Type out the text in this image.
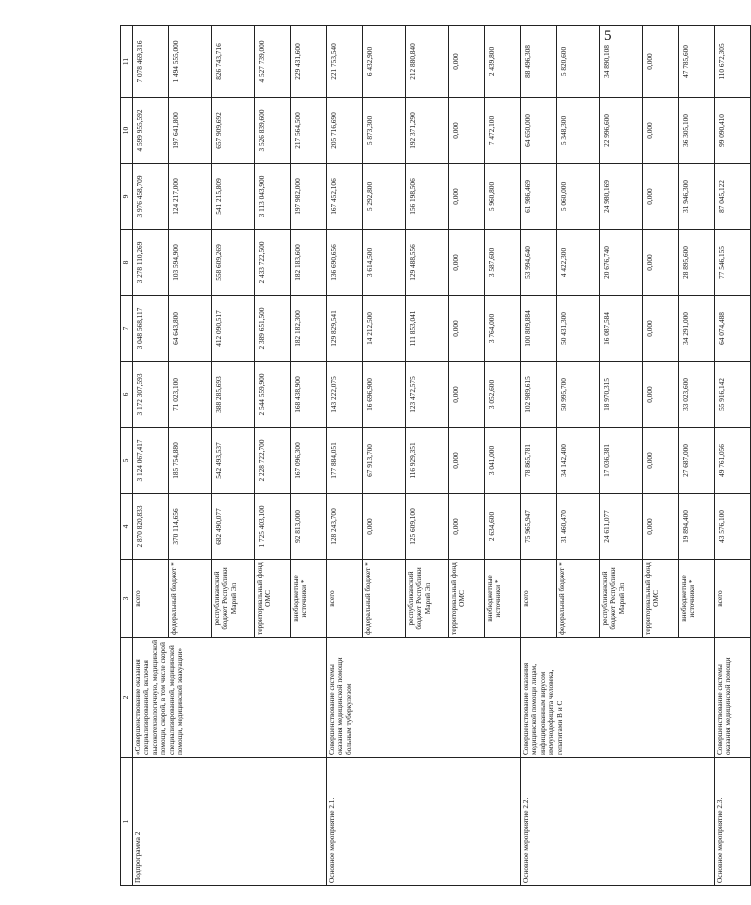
5
1	2	3	4	5	6	7	8	9	10	11
Подпрограмма 2	«Совершенствование оказания специализированной, включая высокотехнологичную, медицинской помощи, скорой, в том числе скорой специализированной, медицинской помощи, медицинской эвакуации»	всего	2 870 820,833	3 124 067,417	3 172 307,593	3 048 568,117	3 278 110,269	3 976 458,709	4 599 955,592	7 078 469,316
		федеральный бюджет *	370 114,656	185 754,880	71 023,100	64 643,800	103 594,900	124 217,000	197 641,800	1 494 555,000
		республиканский бюджет Республики Марий Эл	682 490,077	542 493,537	388 285,693	412 090,517	558 609,269	541 215,809	657 909,692	826 743,716
		территориальный фонд ОМС	1 725 403,100	2 228 722,700	2 544 559,900	2 389 651,500	2 433 722,500	3 113 043,900	3 526 839,600	4 527 739,000
		внебюджетные источники *	92 813,000	167 096,300	168 438,900	182 182,300	182 183,600	197 982,000	217 564,500	229 431,600
Основное мероприятие 2.1.	Совершенствование системы оказания медицинской помощи больным туберкулезом	всего	128 243,700	177 884,051	143 222,075	129 829,541	136 690,656	167 452,106	205 716,690	221 753,540
		федеральный бюджет *	0,000	67 913,700	16 696,900	14 212,500	3 614,500	5 292,800	5 873,300	6 432,900
		республиканский бюджет Республики Марий Эл	125 609,100	116 929,351	123 472,575	111 853,041	129 488,556	156 198,506	192 371,290	212 880,840
		территориальный фонд ОМС	0,000	0,000	0,000	0,000	0,000	0,000	0,000	0,000
		внебюджетные источники *	2 634,600	3 041,000	3 052,600	3 764,000	3 587,600	5 960,800	7 472,100	2 439,800
Основное мероприятие 2.2.	Совершенствование оказания медицинской помощи лицам, инфицированным вирусом иммунодефицита человека, гепатитами В и С	всего	75 965,947	78 865,781	102 989,615	100 809,884	53 994,640	61 986,469	64 650,000	88 496,308
		федеральный бюджет *	31 460,470	34 142,400	50 995,700	50 431,300	4 422,300	5 060,000	5 348,300	5 820,600
		республиканский бюджет Республики Марий Эл	24 611,077	17 036,381	18 970,315	16 087,584	20 676,740	24 980,169	22 996,600	34 890,108
		территориальный фонд ОМС	0,000	0,000	0,000	0,000	0,000	0,000	0,000	0,000
		внебюджетные источники *	19 894,400	27 687,000	33 023,600	34 291,000	28 895,600	31 946,300	36 305,100	47 785,600
Основное мероприятие 2.3.	Совершенствование системы оказания медицинской помощи	всего	43 576,100	49 761,056	55 916,142	64 074,488	77 546,155	87 045,122	99 090,410	110 672,305
